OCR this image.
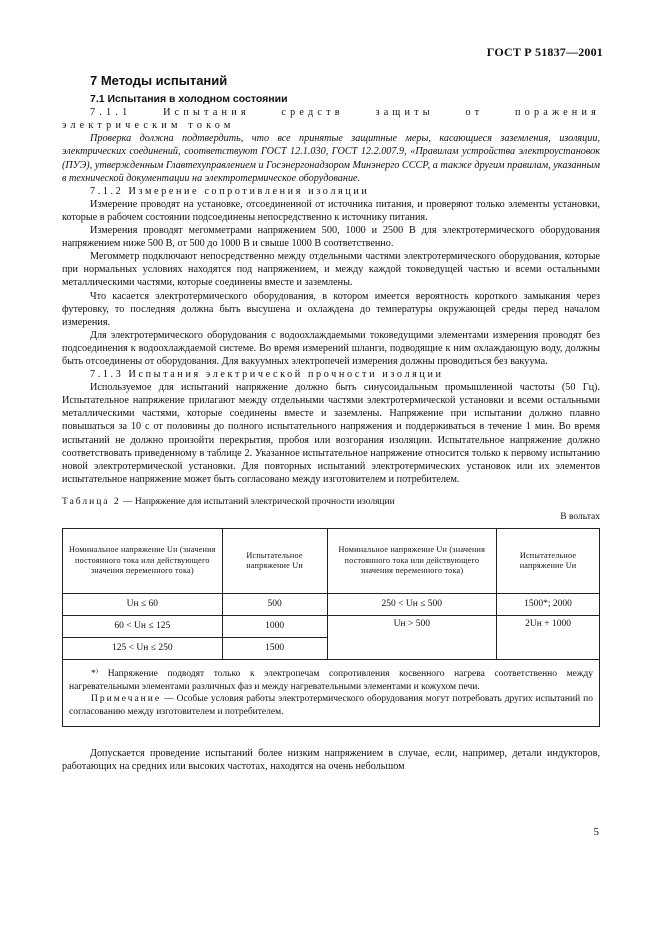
ГОСТ Р 51837—2001
7 Методы испытаний
7.1 Испытания в холодном состоянии

7.1.1 Испытания средств защиты от поражения электрическим током

Проверка должна подтвердить, что все принятые защитные меры, касающиеся заземления, изоляции, электрических соединений, соответствуют ГОСТ 12.1.030, ГОСТ 12.2.007.9, «Правилам устройства электроустановок (ПУЭ), утвержденным Главтехуправлением и Госэнергонадзором Минэнерго СССР, а также другим правилам, указанным в технической документации на электротермическое оборудование.

7.1.2 Измерение сопротивления изоляции

Измерение проводят на установке, отсоединенной от источника питания, и проверяют только элементы установки, которые в рабочем состоянии подсоединены непосредственно к источнику питания.

Измерения проводят мегомметрами напряжением 500, 1000 и 2500 В для электротермического оборудования напряжением ниже 500 В, от 500 до 1000 В и свыше 1000 В соответственно.

Мегомметр подключают непосредственно между отдельными частями электротермического оборудования, которые при нормальных условиях находятся под напряжением, и между каждой токоведущей частью и всеми остальными металлическими частями, которые соединены вместе и заземлены.

Что касается электротермического оборудования, в котором имеется вероятность короткого замыкания через футеровку, то последняя должна быть высушена и охлаждена до температуры окружающей среды перед началом измерения.

Для электротермического оборудования с водоохлаждаемыми токоведущими элементами измерения проводят без подсоединения к водоохлаждаемой системе. Во время измерений шланги, подводящие к ним охлаждающую воду, должны быть отсоединены от оборудования. Для вакуумных электропечей измерения должны проводиться без вакуума.

7.1.3 Испытания электрической прочности изоляции

Используемое для испытаний напряжение должно быть синусоидальным промышленной частоты (50 Гц). Испытательное напряжение прилагают между отдельными частями электротермической установки и всеми остальными металлическими частями, которые соединены вместе и заземлены. Напряжение при испытании должно плавно повышаться за 10 с от половины до полного испытательного напряжения и поддерживаться в течение 1 мин. Во время испытаний не должно произойти перекрытия, пробоя или возгорания изоляции. Испытательное напряжение должно соответствовать приведенному в таблице 2. Указанное испытательное напряжение относится только к первому испытанию новой электротермической установки. Для повторных испытаний электротермических установок или их элементов испытательное напряжение может быть согласовано между изготовителем и потребителем.

Таблица 2 — Напряжение для испытаний электрической прочности изоляции
В вольтах
Номинальное напряжение Uн (значения постоянного тока или действующего значения переменного тока)	Испытательное напряжение Uи	Номинальное напряжение Uн (значения постоянного тока или действующего значения переменного тока)	Испытательное напряжение Uи
Uн ≤ 60	500	250 < Uн ≤ 500	1500*; 2000
60 < Uн ≤ 125	1000	Uн > 500	2Uн + 1000
125 < Uн ≤ 250	1500		

*⁾ Напряжение подводят только к электропечам сопротивления косвенного нагрева соответственно между нагревательными элементами различных фаз и между нагревательными элементами и кожухом печи.

Примечание — Особые условия работы электротермического оборудования могут потребовать других испытаний по согласованию между изготовителем и потребителем.			

Допускается проведение испытаний более низким напряжением в случае, если, например, детали индукторов, работающих на средних или высоких частотах, находятся на очень небольшом

5
